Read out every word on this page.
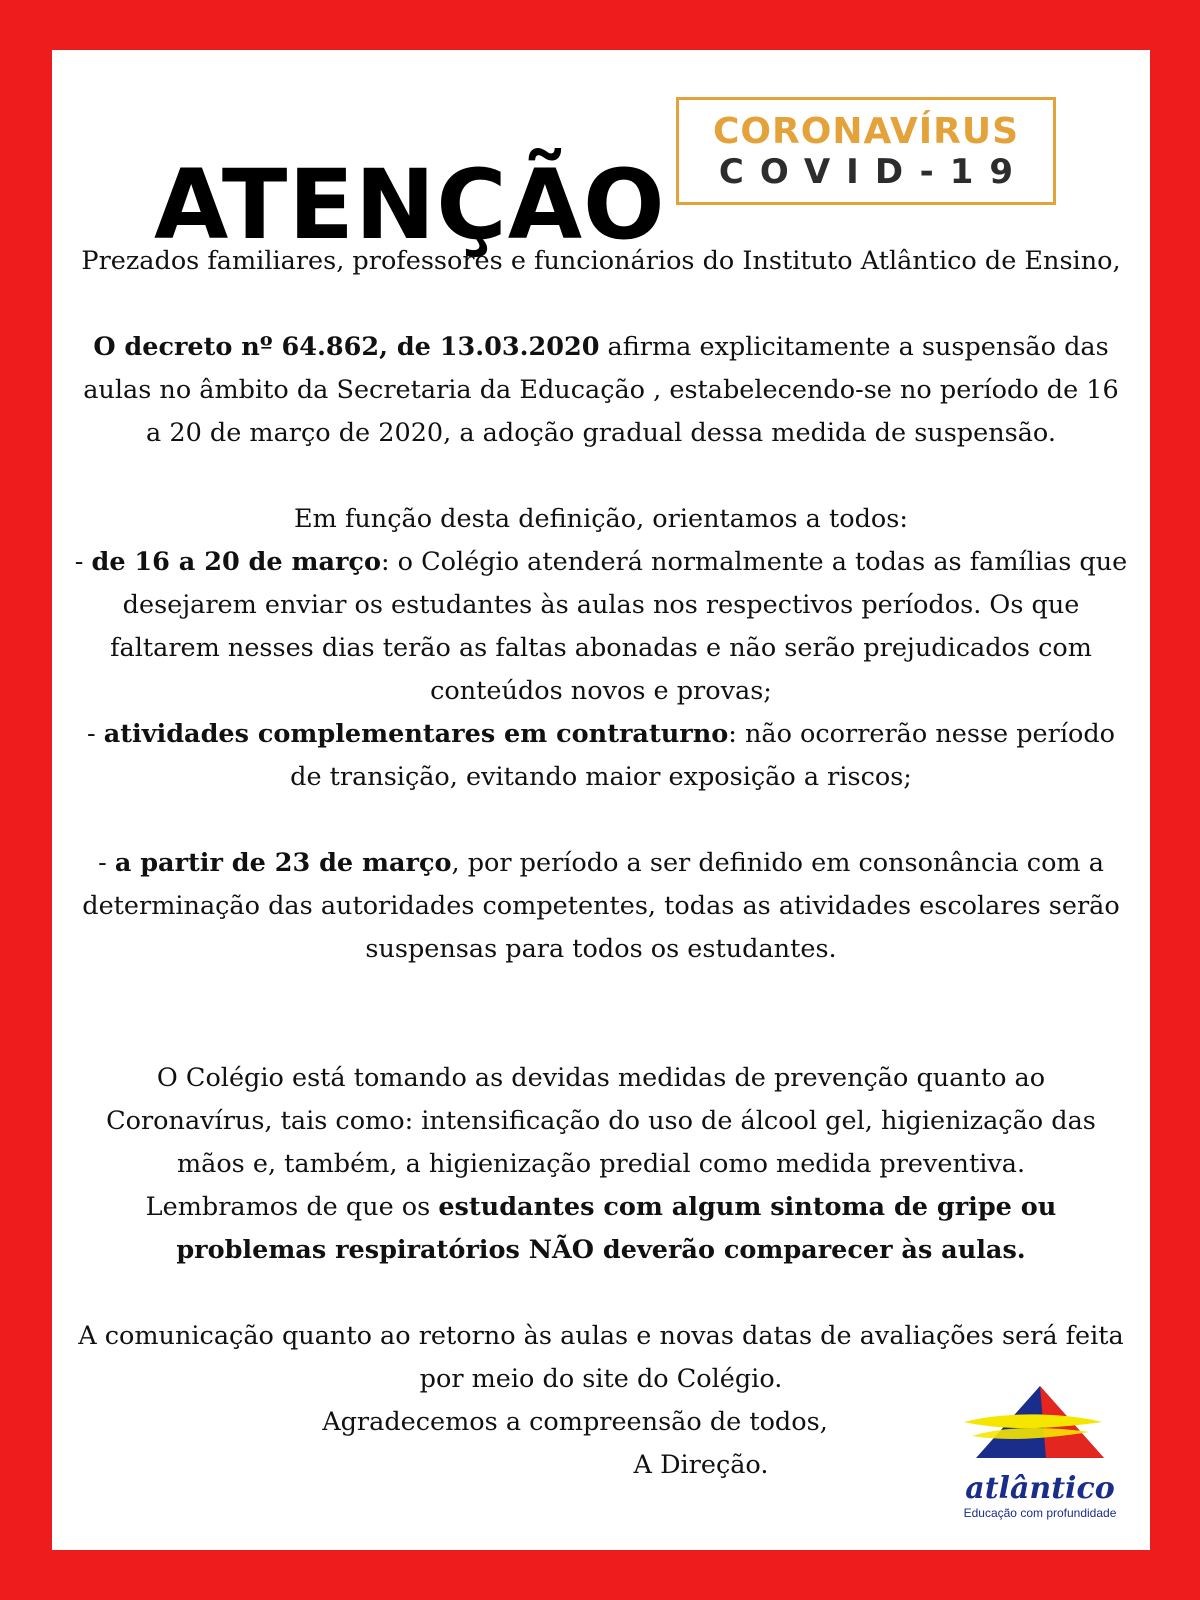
ATENÇÃO
CORONAVÍRUS
COVID-19

Prezados familiares, professores e funcionários do Instituto Atlântico de Ensino,

O decreto nº 64.862, de 13.03.2020 afirma explicitamente a suspensão das aulas no âmbito da Secretaria da Educação , estabelecendo-se no período de 16 a 20 de março de 2020, a adoção gradual dessa medida de suspensão.

Em função desta definição, orientamos a todos:

- de 16 a 20 de março: o Colégio atenderá normalmente a todas as famílias que desejarem enviar os estudantes às aulas nos respectivos períodos. Os que faltarem nesses dias terão as faltas abonadas e não serão prejudicados com conteúdos novos e provas;

- atividades complementares em contraturno: não ocorrerão nesse período de transição, evitando maior exposição a riscos;

- a partir de 23 de março, por período a ser definido em consonância com a determinação das autoridades competentes, todas as atividades escolares serão suspensas para todos os estudantes.

O Colégio está tomando as devidas medidas de prevenção quanto ao Coronavírus, tais como: intensificação do uso de álcool gel, higienização das mãos e, também, a higienização predial como medida preventiva.

Lembramos de que os estudantes com algum sintoma de gripe ou problemas respiratórios NÃO deverão comparecer às aulas.

A comunicação quanto ao retorno às aulas e novas datas de avaliações será feita por meio do site do Colégio.

Agradecemos a compreensão de todos,

A Direção.

atlântico
Educação com profundidade
